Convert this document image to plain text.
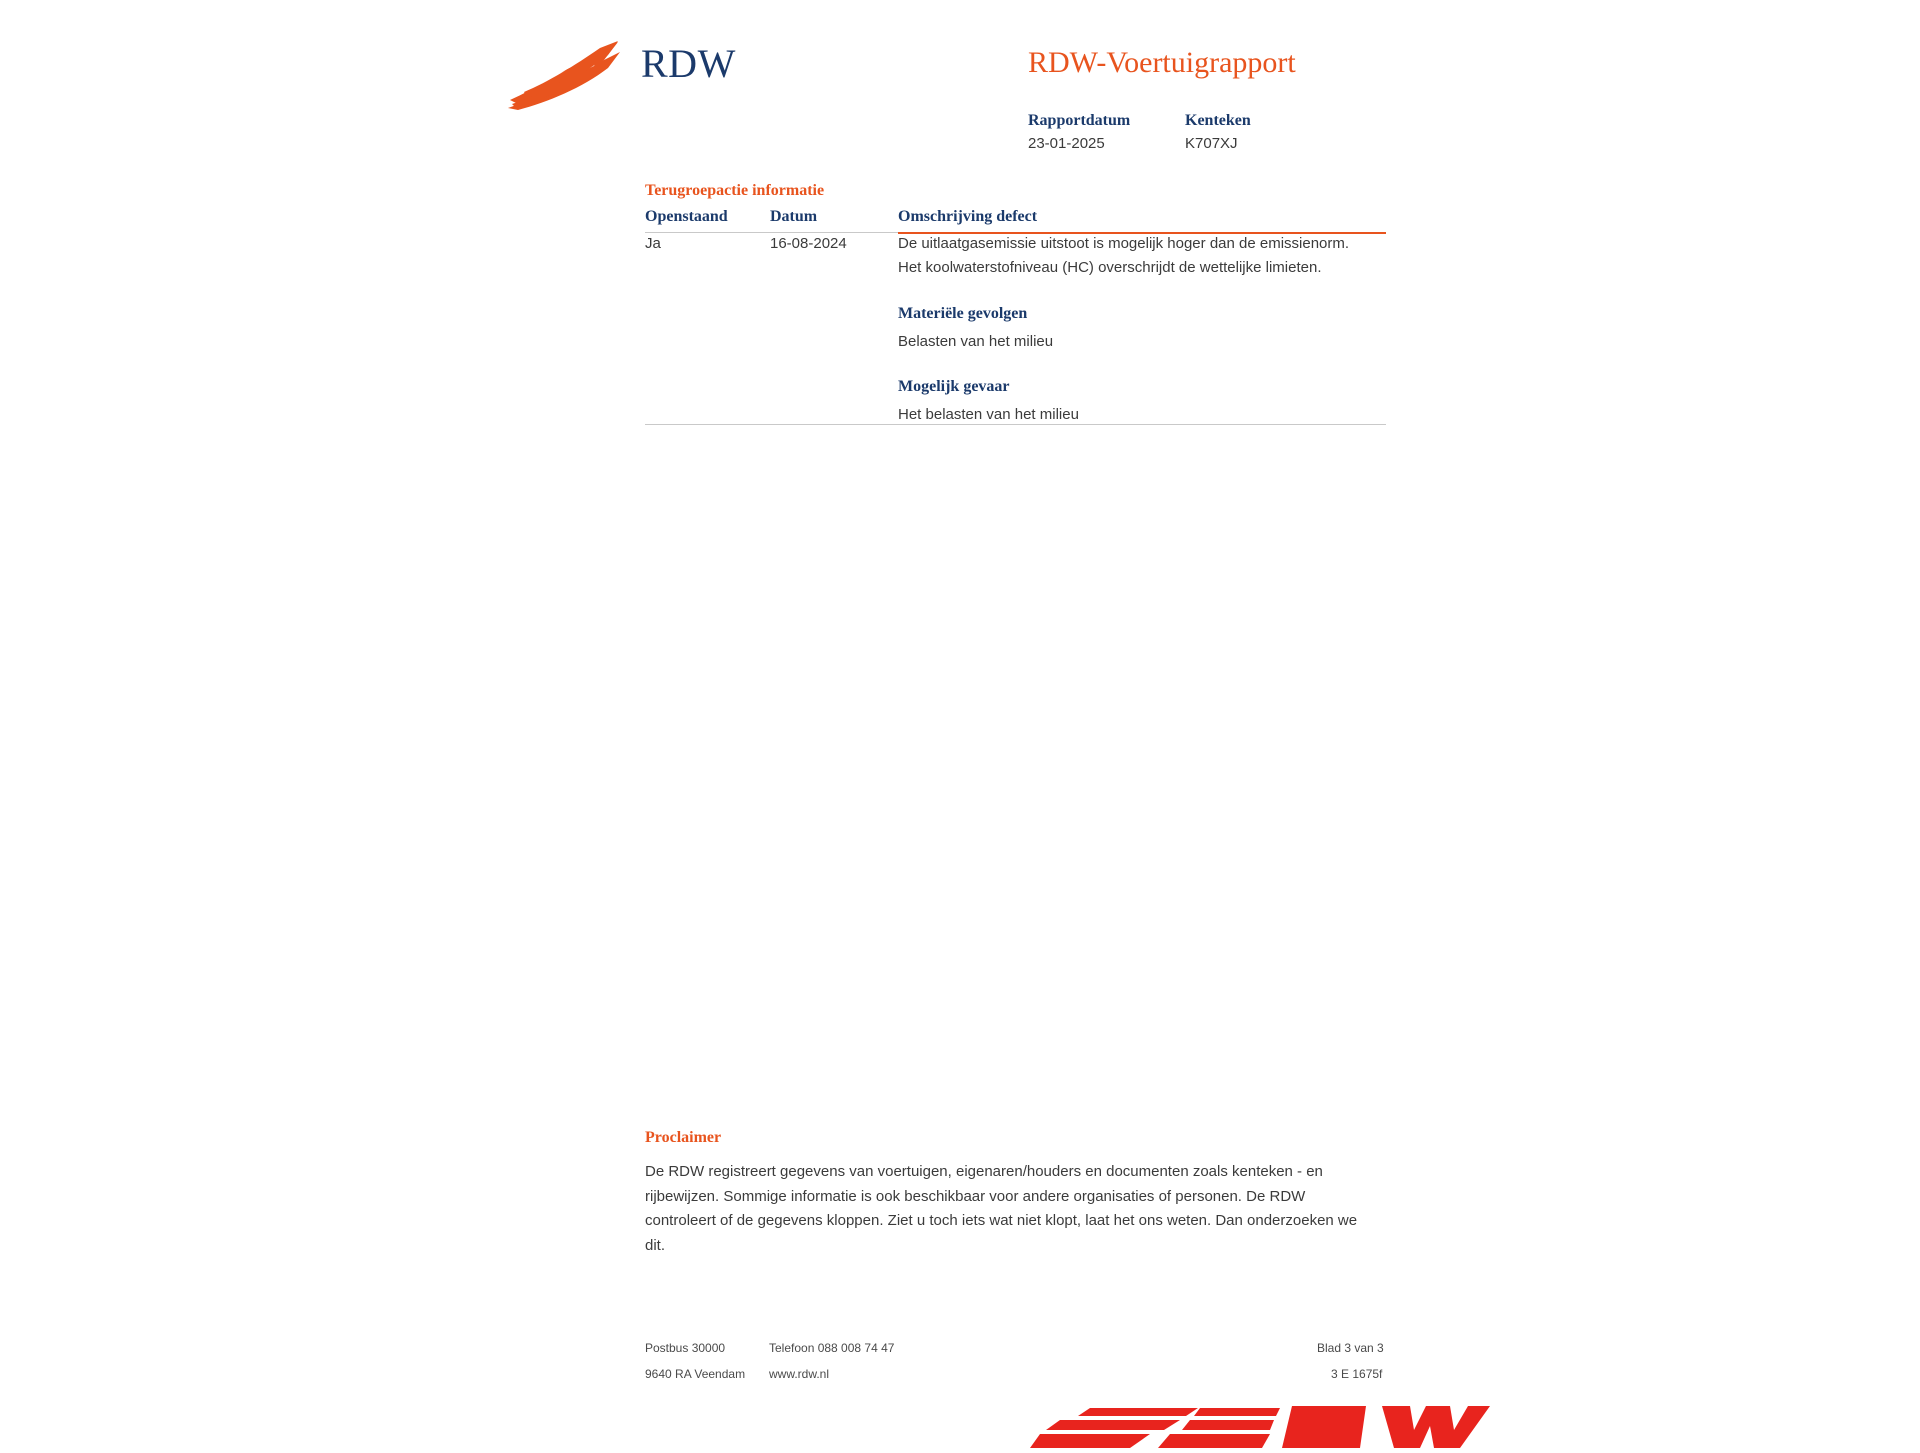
RDW	RDW-Voertuigrapport
Rapportdatum	Kenteken
23-01-2025	K707XJ
Terugroepactie informatie
Openstaand	Datum	Omschrijving defect
Ja	16-08-2024	De uitlaatgasemissie uitstoot is mogelijk hoger dan de emissienorm.
Het koolwaterstofniveau (HC) overschrijdt de wettelijke limieten.
Materiële gevolgen
Belasten van het milieu
Mogelijk gevaar
Het belasten van het milieu
Proclaimer
De RDW registreert gegevens van voertuigen, eigenaren/houders en documenten zoals kenteken - en rijbewijzen. Sommige informatie is ook beschikbaar voor andere organisaties of personen. De RDW controleert of de gegevens kloppen. Ziet u toch iets wat niet klopt, laat het ons weten. Dan onderzoeken we dit.
Postbus 30000
9640 RA Veendam
Telefoon 088 008 74 47
www.rdw.nl
Blad 3 van 3
3 E 1675f
